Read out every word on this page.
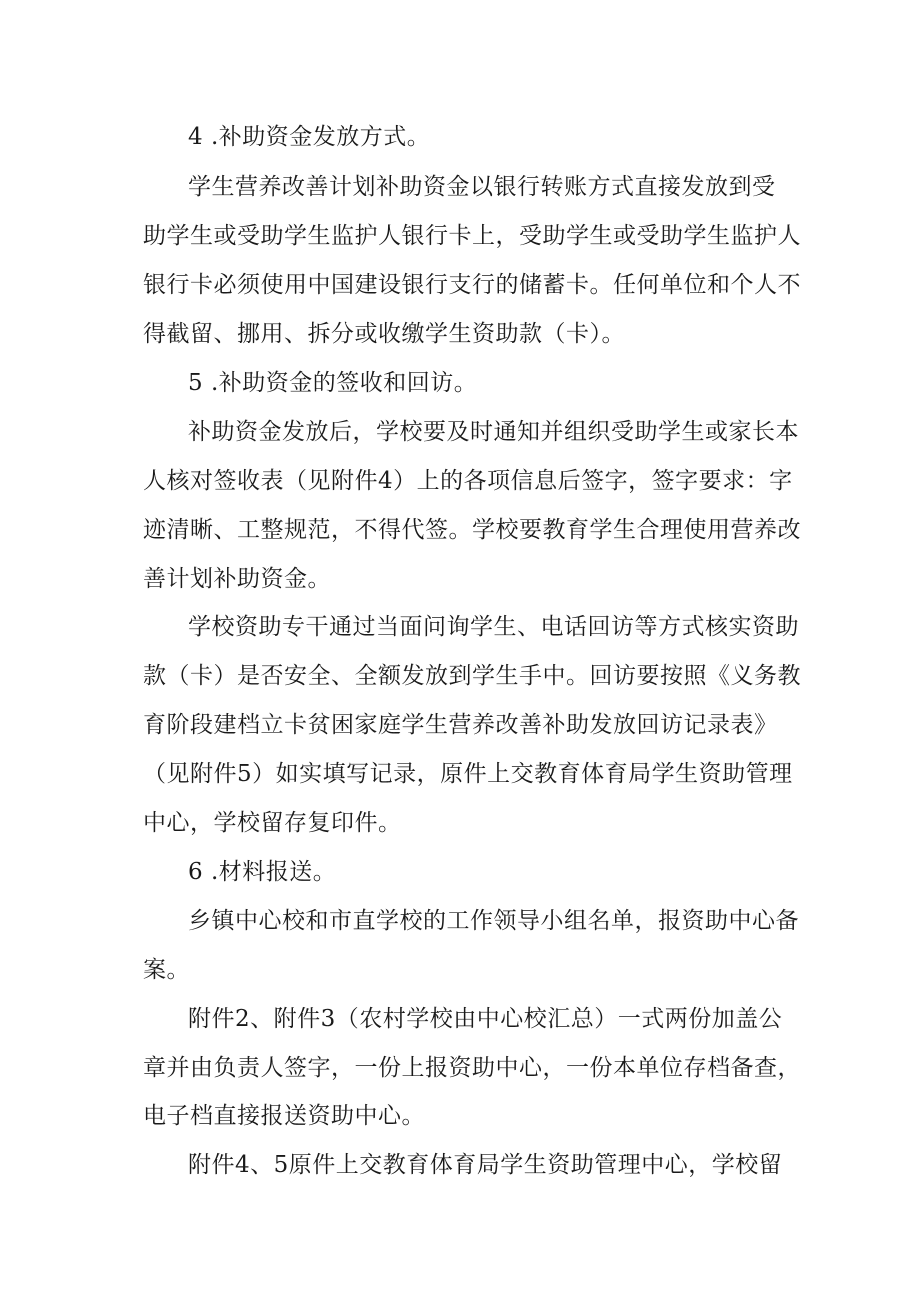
4 .补助资金发放方式。

学生营养改善计划补助资金以银行转账方式直接发放到受

助学生或受助学生监护人银行卡上，受助学生或受助学生监护人

银行卡必须使用中国建设银行支行的储蓄卡。任何单位和个人不

得截留、挪用、拆分或收缴学生资助款（卡）。

5 .补助资金的签收和回访。

补助资金发放后，学校要及时通知并组织受助学生或家长本

人核对签收表（见附件4）上的各项信息后签字，签字要求：字

迹清晰、工整规范，不得代签。学校要教育学生合理使用营养改

善计划补助资金。

学校资助专干通过当面问询学生、电话回访等方式核实资助

款（卡）是否安全、全额发放到学生手中。回访要按照《义务教

育阶段建档立卡贫困家庭学生营养改善补助发放回访记录表》

（见附件5）如实填写记录，原件上交教育体育局学生资助管理

中心，学校留存复印件。

6 .材料报送。

乡镇中心校和市直学校的工作领导小组名单，报资助中心备

案。

附件2、附件3（农村学校由中心校汇总）一式两份加盖公

章并由负责人签字，一份上报资助中心，一份本单位存档备查，

电子档直接报送资助中心。

附件4、5原件上交教育体育局学生资助管理中心，学校留
